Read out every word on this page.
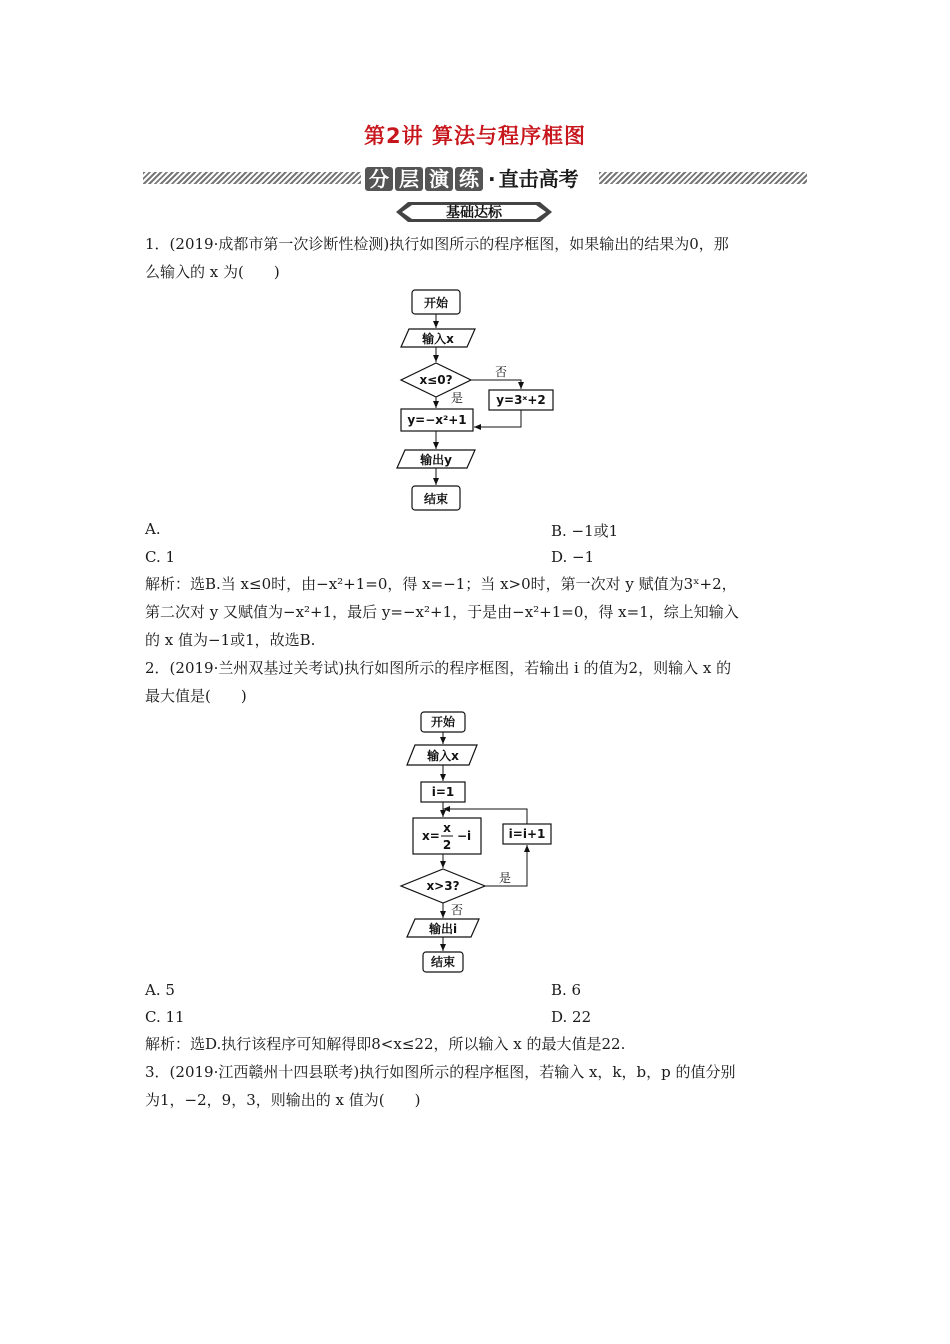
第2讲 算法与程序框图
分 层 演 练 · 直击高考
基础达标
1．(2019·成都市第一次诊断性检测)执行如图所示的程序框图，如果输出的结果为0，那
么输入的 x 为(　　)
开始
输入x
x≤0?
否
y=3ˣ+2
是
y=−x²+1
输出y
结束
A.	B. −1或1
C. 1	D. −1
解析：选B.当 x≤0时，由−x²+1=0，得 x=−1；当 x>0时，第一次对 y 赋值为3ˣ+2，
第二次对 y 又赋值为−x²+1，最后 y=−x²+1，于是由−x²+1=0，得 x=1，综上知输入
的 x 值为−1或1，故选B.
2．(2019·兰州双基过关考试)执行如图所示的程序框图，若输出 i 的值为2，则输入 x 的
最大值是(　　)
开始
输入x
i=1
x=
x
2
−i	i=i+1
x>3?
是
否
输出i
结束
A. 5	B. 6
C. 11	D. 22
解析：选D.执行该程序可知解得即8<x≤22，所以输入 x 的最大值是22.
3．(2019·江西赣州十四县联考)执行如图所示的程序框图，若输入 x，k，b，p 的值分别
为1，−2，9，3，则输出的 x 值为(　　)
